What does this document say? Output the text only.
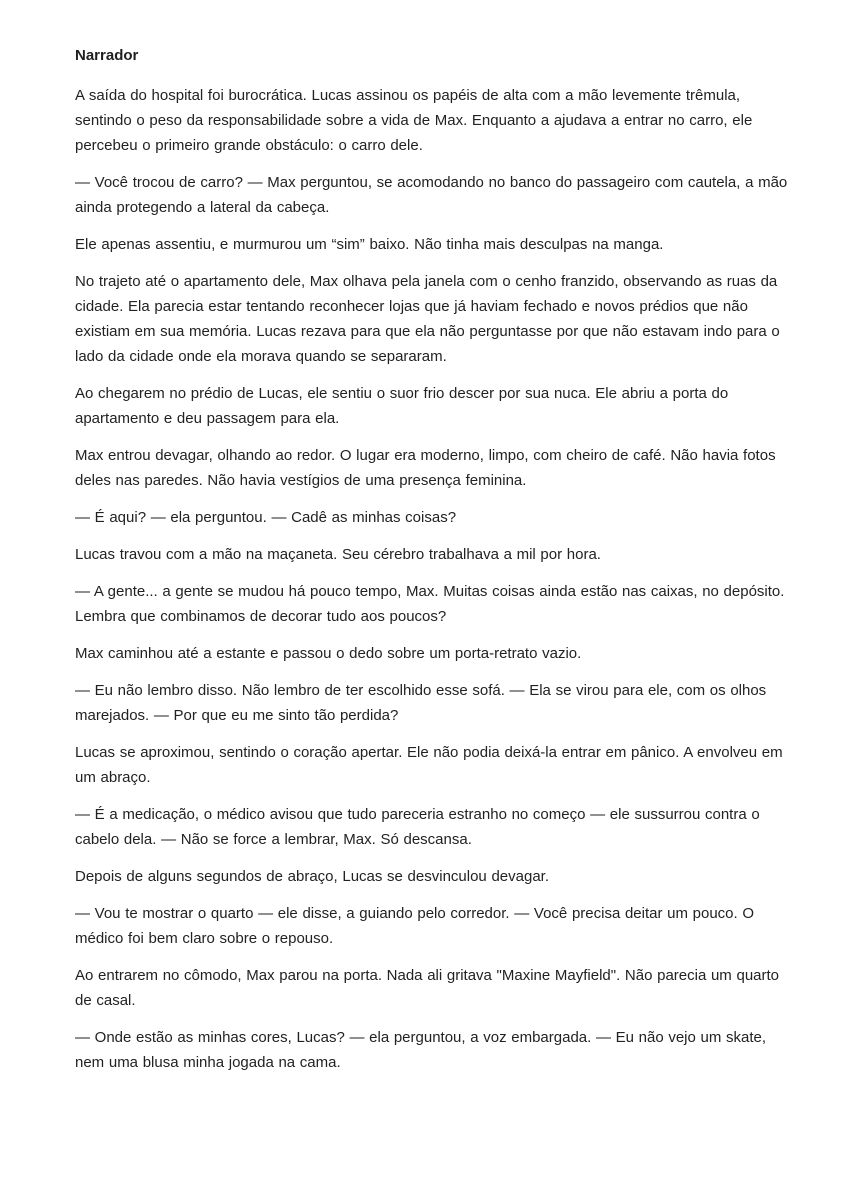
Narrador

A saída do hospital foi burocrática. Lucas assinou os papéis de alta com a mão levemente trêmula, sentindo o peso da responsabilidade sobre a vida de Max. Enquanto a ajudava a entrar no carro, ele percebeu o primeiro grande obstáculo: o carro dele.

— Você trocou de carro? — Max perguntou, se acomodando no banco do passageiro com cautela, a mão ainda protegendo a lateral da cabeça.

Ele apenas assentiu, e murmurou um “sim” baixo. Não tinha mais desculpas na manga.

No trajeto até o apartamento dele, Max olhava pela janela com o cenho franzido, observando as ruas da cidade. Ela parecia estar tentando reconhecer lojas que já haviam fechado e novos prédios que não existiam em sua memória. Lucas rezava para que ela não perguntasse por que não estavam indo para o lado da cidade onde ela morava quando se separaram.

Ao chegarem no prédio de Lucas, ele sentiu o suor frio descer por sua nuca. Ele abriu a porta do apartamento e deu passagem para ela.

Max entrou devagar, olhando ao redor. O lugar era moderno, limpo, com cheiro de café. Não havia fotos deles nas paredes. Não havia vestígios de uma presença feminina.

— É aqui? — ela perguntou. — Cadê as minhas coisas?

Lucas travou com a mão na maçaneta. Seu cérebro trabalhava a mil por hora.

— A gente... a gente se mudou há pouco tempo, Max. Muitas coisas ainda estão nas caixas, no depósito. Lembra que combinamos de decorar tudo aos poucos?

Max caminhou até a estante e passou o dedo sobre um porta-retrato vazio.

— Eu não lembro disso. Não lembro de ter escolhido esse sofá. — Ela se virou para ele, com os olhos marejados. — Por que eu me sinto tão perdida?

Lucas se aproximou, sentindo o coração apertar. Ele não podia deixá-la entrar em pânico. A envolveu em um abraço.

— É a medicação, o médico avisou que tudo pareceria estranho no começo — ele sussurrou contra o cabelo dela. — Não se force a lembrar, Max. Só descansa.

Depois de alguns segundos de abraço, Lucas se desvinculou devagar.

— Vou te mostrar o quarto — ele disse, a guiando pelo corredor. — Você precisa deitar um pouco. O médico foi bem claro sobre o repouso.

Ao entrarem no cômodo, Max parou na porta. Nada ali gritava "Maxine Mayfield". Não parecia um quarto de casal.

— Onde estão as minhas cores, Lucas? — ela perguntou, a voz embargada. — Eu não vejo um skate, nem uma blusa minha jogada na cama.
